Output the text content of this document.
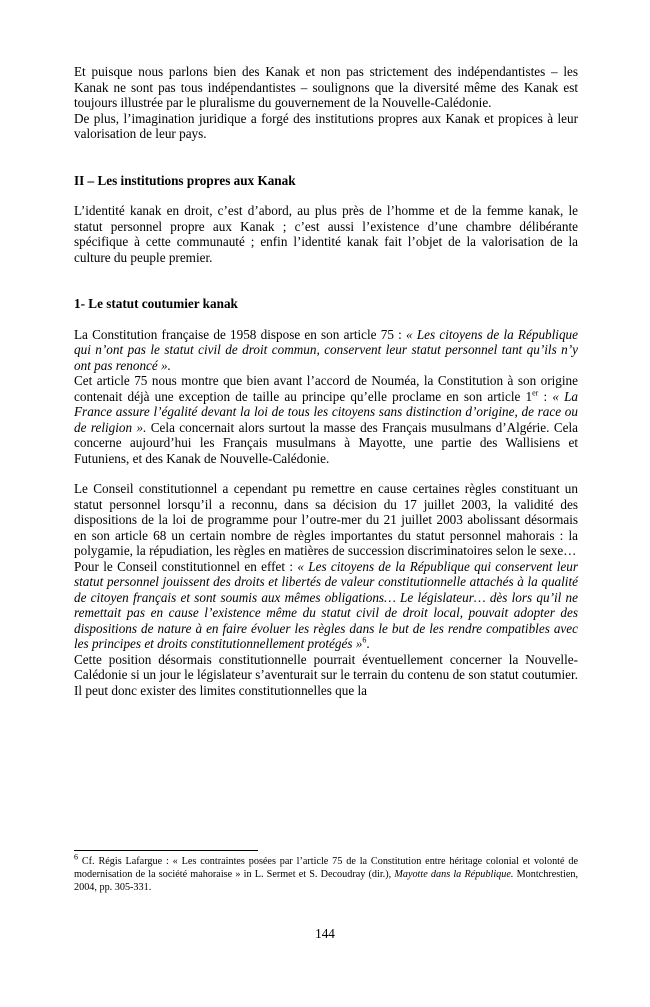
Et puisque nous parlons bien des Kanak et non pas strictement des indépendantistes – les Kanak ne sont pas tous indépendantistes – soulignons que la diversité même des Kanak est toujours illustrée par le pluralisme du gouvernement de la Nouvelle-Calédonie.

De plus, l’imagination juridique a forgé des institutions propres aux Kanak et propices à leur valorisation de leur pays.

II – Les institutions propres aux Kanak

L’identité kanak en droit, c’est d’abord, au plus près de l’homme et de la femme kanak, le statut personnel propre aux Kanak ; c’est aussi l’existence d’une chambre délibérante spécifique à cette communauté ; enfin l’identité kanak fait l’objet de la valorisation de la culture du peuple premier.

1- Le statut coutumier kanak

La Constitution française de 1958 dispose en son article 75 : « Les citoyens de la République qui n’ont pas le statut civil de droit commun, conservent leur statut personnel tant qu’ils n’y ont pas renoncé ».

Cet article 75 nous montre que bien avant l’accord de Nouméa, la Constitution à son origine contenait déjà une exception de taille au principe qu’elle proclame en son article 1er : « La France assure l’égalité devant la loi de tous les citoyens sans distinction d’origine, de race ou de religion ». Cela concernait alors surtout la masse des Français musulmans d’Algérie. Cela concerne aujourd’hui les Français musulmans à Mayotte, une partie des Wallisiens et Futuniens, et des Kanak de Nouvelle-Calédonie.

Le Conseil constitutionnel a cependant pu remettre en cause certaines règles constituant un statut personnel lorsqu’il a reconnu, dans sa décision du 17 juillet 2003, la validité des dispositions de la loi de programme pour l’outre-mer du 21 juillet 2003 abolissant désormais en son article 68 un certain nombre de règles importantes du statut personnel mahorais : la polygamie, la répudiation, les règles en matières de succession discriminatoires selon le sexe…

Pour le Conseil constitutionnel en effet : « Les citoyens de la République qui conservent leur statut personnel jouissent des droits et libertés de valeur constitutionnelle attachés à la qualité de citoyen français et sont soumis aux mêmes obligations… Le législateur… dès lors qu’il ne remettait pas en cause l’existence même du statut civil de droit local, pouvait adopter des dispositions de nature à en faire évoluer les règles dans le but de les rendre compatibles avec les principes et droits constitutionnellement protégés »$^6$.

Cette position désormais constitutionnelle pourrait éventuellement concerner la Nouvelle-Calédonie si un jour le législateur s’aventurait sur le terrain du contenu de son statut coutumier. Il peut donc exister des limites constitutionnelles que la

$^6$ Cf. Régis Lafargue : « Les contraintes posées par l’article 75 de la Constitution entre héritage colonial et volonté de modernisation de la société mahoraise » in L. Sermet et S. Decoudray (dir.), Mayotte dans la République. Montchrestien, 2004, pp. 305-331.

144
